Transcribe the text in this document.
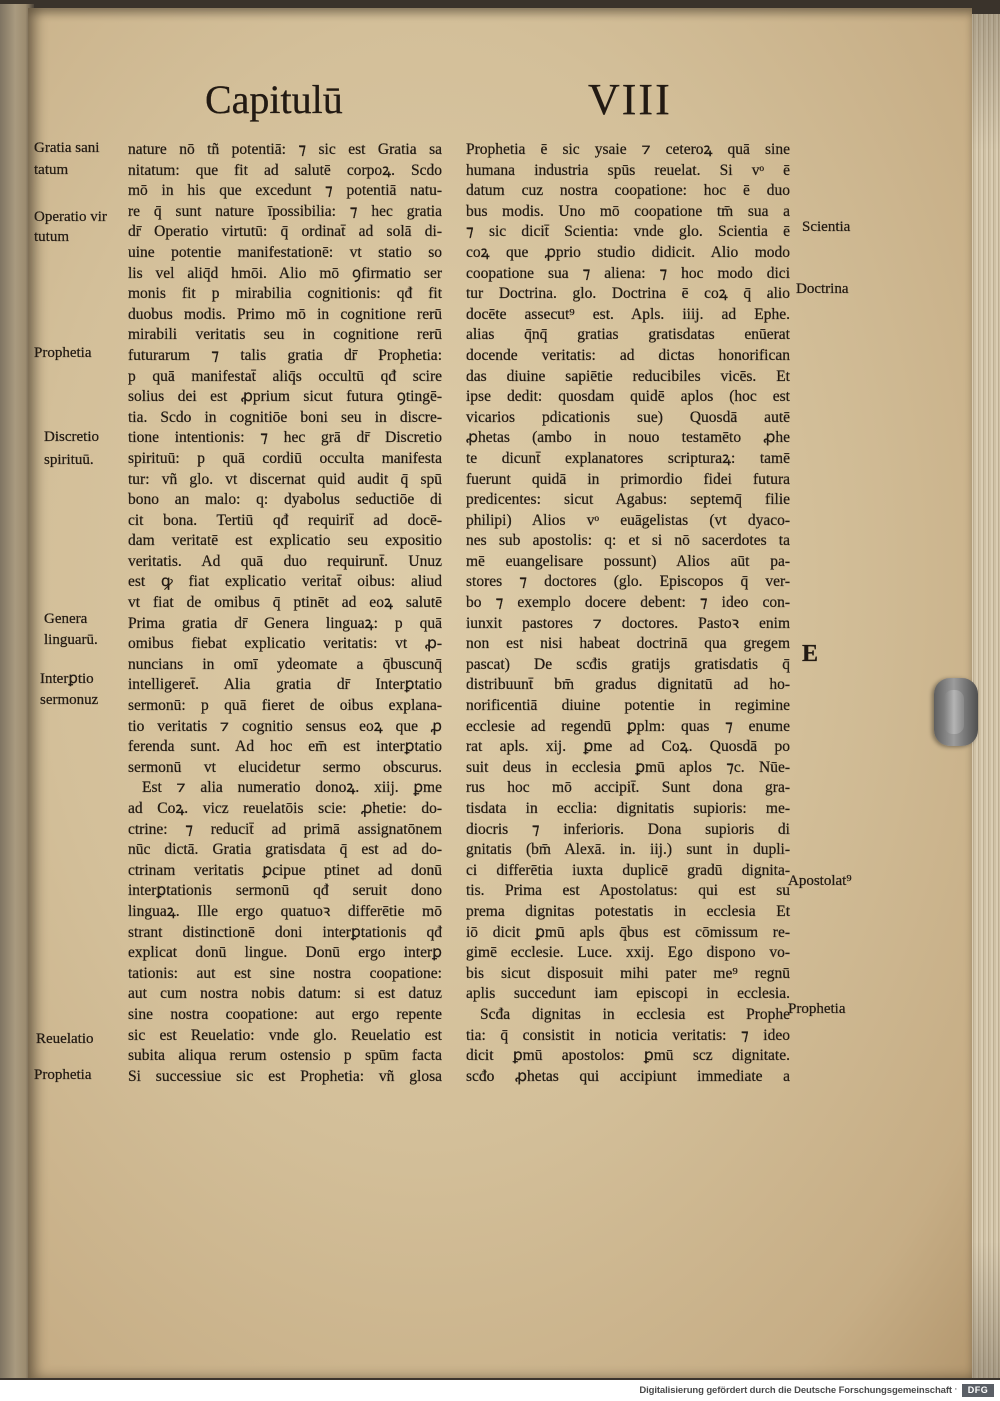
Capitulū	VIII
Gratia sani
tatum
Operatio vir
tutum
Prophetia
Discretio
spirituū.
Genera
linguarū.
Interꝑtio
sermonuz
Reuelatio
Prophetia
Scientia
Doctrina
E
Apostolat⁹
Prophetia
nature nō tñ potentiā: ⁊ sic est Gratia sa
nitatum: que fit ad salutē corpoꝝ. Scdo
mō in his que excedunt ⁊ potentiā natu-
re q̄ sunt nature īpossibilia: ⁊ hec gratia
dr̄ Operatio virtutū: q̄ ordinat̄ ad solā di-
uine potentie manifestationē: vt statio so
lis vel aliq̄d hmōi. Alio mō ꝯfirmatio ser
monis fit p mirabilia cognitionis: qđ fit
duobus modis. Primo mō in cognitione rerū
mirabili veritatis seu in cognitione rerū
futurarum ⁊ talis gratia dr̄ Prophetia:
p quā manifestat̄ aliq̄s occultū qđ scire
solius dei est ꝓprium sicut futura ꝯtingē-
tia. Scdo in cognitiōe boni seu in discre-
tione intentionis: ⁊ hec grā dr̄ Discretio
spirituū: p quā cordiū occulta manifesta
tur: vñ glo. vt discernat quid audit q̄ spū
bono an malo: q: dyabolus seductiōe di
cit bona. Tertiū qđ requirit̄ ad docē-
dam veritatē est explicatio seu expositio
veritatis. Ad quā duo requirunt̄. Unuz
est ꝙ fiat explicatio veritat̄ oibus: aliud
vt fiat de omibus q̄ ptinēt ad eoꝝ salutē
Prima gratia dr̄ Genera linguaꝝ: p quā
omibus fiebat explicatio veritatis: vt ꝓ-
nuncians in omī ydeomate a q̄buscunq̄
intelligeret̄. Alia gratia dr̄ Interꝑtatio
sermonū: p quā fieret de oibus explana-
tio veritatis ⁊ cognitio sensus eoꝝ que ꝓ
ferenda sunt. Ad hoc em̄ est interꝑtatio
sermonū vt elucidetur sermo obscurus.
Est ⁊ alia numeratio donoꝝ. xiij. ꝑme
ad Coꝝ. vicz reuelatōis scie: ꝓhetie: do-
ctrine: ⁊ reducit̄ ad primā assignatōnem
nūc dictā. Gratia gratisdata q̄ est ad do-
ctrinam veritatis ꝑcipue ptinet ad donū
interꝑtationis sermonū qđ seruit dono
linguaꝝ. Ille ergo quatuoꝛ differētie mō
strant distinctionē doni interꝑtationis qđ
explicat donū lingue. Donū ergo interꝑ
tationis: aut est sine nostra coopatione:
aut cum nostra nobis datum: si est datuz
sine nostra coopatione: aut ergo repente
sic est Reuelatio: vnde glo. Reuelatio est
subita aliqua rerum ostensio p spūm facta
Si successiue sic est Prophetia: vñ glosa
Prophetia ē sic ysaie ⁊ ceteroꝝ quā sine
humana industria spūs reuelat. Si vᵒ ē
datum cuz nostra coopatione: hoc ē duo
bus modis. Uno mō coopatione tm̄ sua a
⁊ sic dicit̄ Scientia: vnde glo. Scientia ē
coꝝ que ꝓprio studio didicit. Alio modo
coopatione sua ⁊ aliena: ⁊ hoc modo dici
tur Doctrina. glo. Doctrina ē coꝝ q̄ alio
docēte assecut⁹ est. Apls. iiij. ad Ephe.
alias q̄nq̄ gratias gratisdatas enūerat
docende veritatis: ad dictas honorifican
das diuine sapiētie reducibiles vicēs. Et
ipse dedit: quosdam quidē aplos (hoc est
vicarios pdicationis sue) Quosdā autē
ꝓhetas (ambo in nouo testamēto ꝓhe
te dicunt̄ explanatores scripturaꝝ: tamē
fuerunt quidā in primordio fidei futura
predicentes: sicut Agabus: septemq̄ filie
philipi) Alios vᵒ euāgelistas (vt dyaco-
nes sub apostolis: q: et si nō sacerdotes ta
mē euangelisare possunt) Alios aūt pa-
stores ⁊ doctores (glo. Episcopos q̄ ver-
bo ⁊ exemplo docere debent: ⁊ ideo con-
iunxit pastores ⁊ doctores. Pastoꝛ enim
non est nisi habeat doctrinā qua gregem
pascat) De scđis gratijs gratisdatis q̄
distribuunt̄ bm̄ gradus dignitatū ad ho-
norificentiā diuine potentie in regimine
ecclesie ad regendū ꝑplm: quas ⁊ enume
rat apls. xij. ꝑme ad Coꝝ. Quosdā po
suit deus in ecclesia ꝑmū aplos ⁊c. Nūe-
rus hoc mō accipit̄. Sunt dona gra-
tisdata in ecclia: dignitatis supioris: me-
diocris ⁊ inferioris. Dona supioris di
gnitatis (bm̄ Alexā. in. iij.) sunt in dupli-
ci differētia iuxta duplicē gradū dignita-
tis. Prima est Apostolatus: qui est su
prema dignitas potestatis in ecclesia Et
iō dicit ꝑmū apls q̄bus est cōmissum re-
gimē ecclesie. Luce. xxij. Ego dispono vo-
bis sicut disposuit mihi pater me⁹ regnū
aplis succedunt iam episcopi in ecclesia.
Scđa dignitas in ecclesia est Prophe
tia: q̄ consistit in noticia veritatis: ⁊ ideo
dicit ꝑmū apostolos: ꝑmū scz dignitate.
scđo ꝓhetas qui accipiunt immediate a
Digitalisierung gefördert durch die Deutsche Forschungsgemeinschaft ·	DFG
